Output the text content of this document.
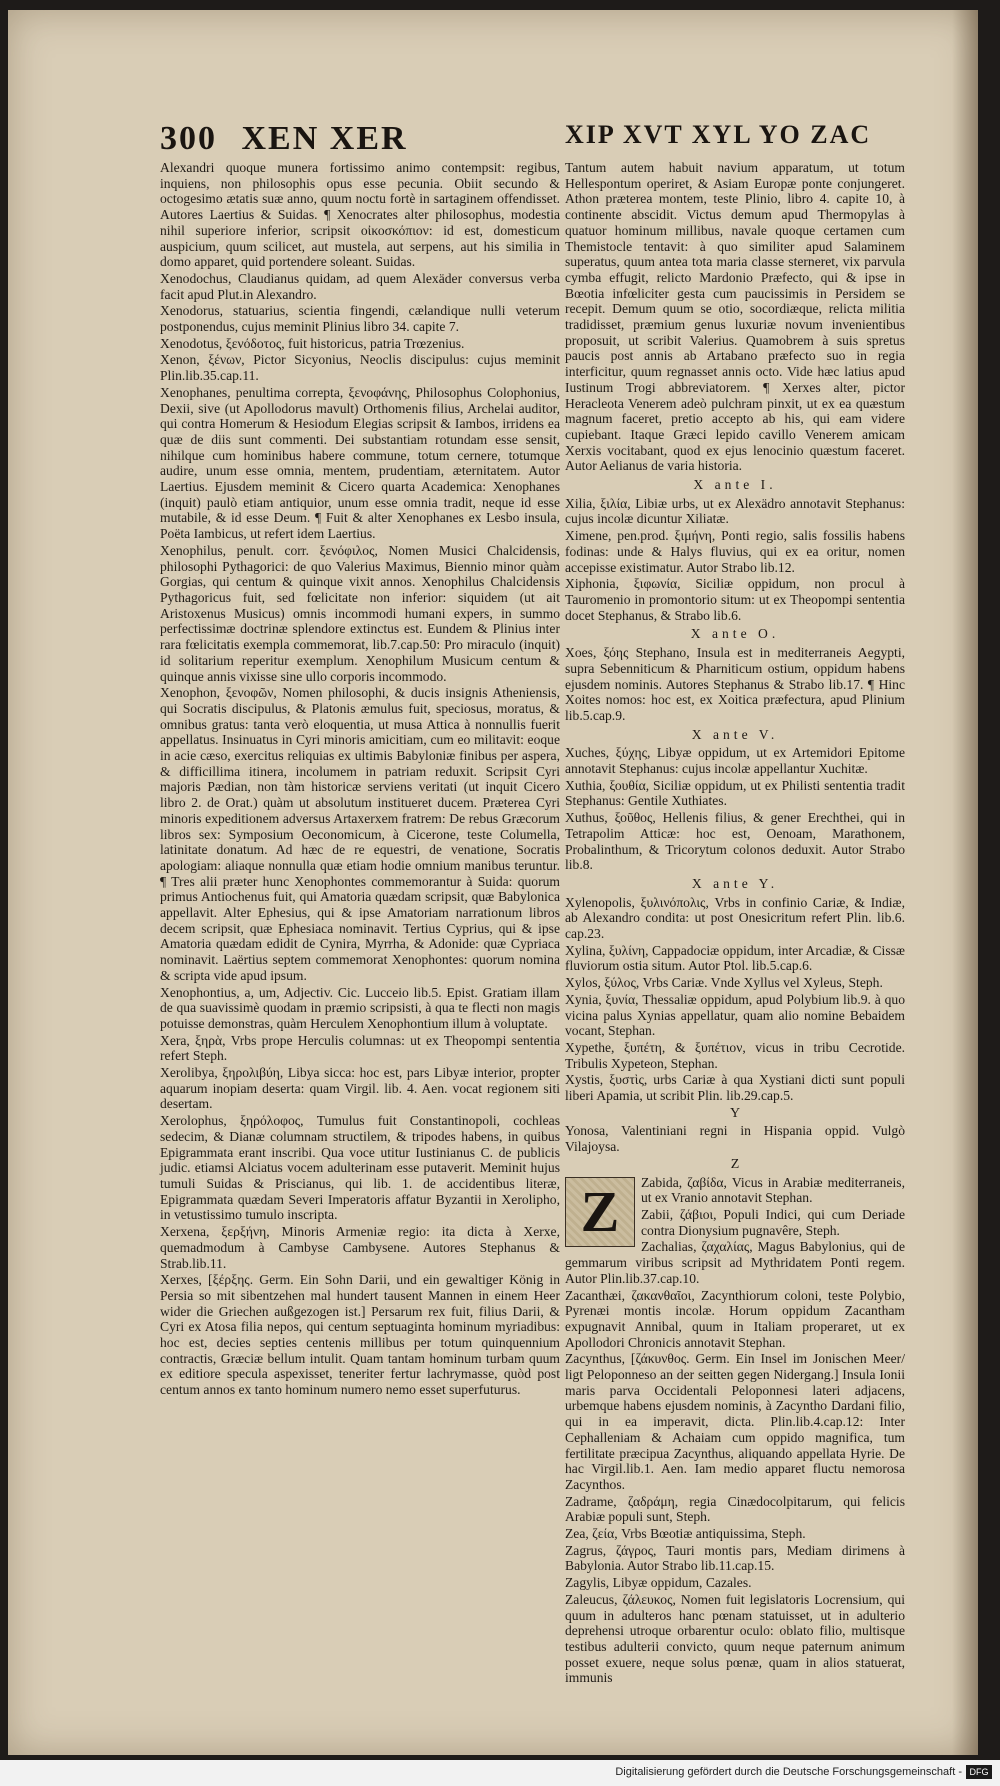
300 XEN XER	XIP XVT XYL YO ZAC

Alexandri quoque munera fortissimo animo contempsit: regibus, inquiens, non philosophis opus esse pecunia. Obiit secundo & octogesimo ætatis suæ anno, quum noctu fortè in sartaginem offendisset. Autores Laertius & Suidas. ¶ Xenocrates alter philosophus, modestia nihil superiore inferior, scripsit οἰκοσκόπιον: id est, domesticum auspicium, quum scilicet, aut mustela, aut serpens, aut his similia in domo apparet, quid portendere soleant. Suidas.

Xenodochus, Claudianus quidam, ad quem Alexäder conversus verba facit apud Plut.in Alexandro.

Xenodorus, statuarius, scientia fingendi, cælandique nulli veterum postponendus, cujus meminit Plinius libro 34. capite 7.

Xenodotus, ξενόδοτος, fuit historicus, patria Trœzenius.

Xenon, ξένων, Pictor Sicyonius, Neoclis discipulus: cujus meminit Plin.lib.35.cap.11.

Xenophanes, penultima correpta, ξενοφάνης, Philosophus Colophonius, Dexii, sive (ut Apollodorus mavult) Orthomenis filius, Archelai auditor, qui contra Homerum & Hesiodum Elegias scripsit & Iambos, irridens ea quæ de diis sunt commenti. Dei substantiam rotundam esse sensit, nihilque cum hominibus habere commune, totum cernere, totumque audire, unum esse omnia, mentem, prudentiam, æternitatem. Autor Laertius. Ejusdem meminit & Cicero quarta Academica: Xenophanes (inquit) paulò etiam antiquior, unum esse omnia tradit, neque id esse mutabile, & id esse Deum. ¶ Fuit & alter Xenophanes ex Lesbo insula, Poëta Iambicus, ut refert idem Laertius.

Xenophilus, penult. corr. ξενόφιλος, Nomen Musici Chalcidensis, philosophi Pythagorici: de quo Valerius Maximus, Biennio minor quàm Gorgias, qui centum & quinque vixit annos. Xenophilus Chalcidensis Pythagoricus fuit, sed fœlicitate non inferior: siquidem (ut ait Aristoxenus Musicus) omnis incommodi humani expers, in summo perfectissimæ doctrinæ splendore extinctus est. Eundem & Plinius inter rara fœlicitatis exempla commemorat, lib.7.cap.50: Pro miraculo (inquit) id solitarium reperitur exemplum. Xenophilum Musicum centum & quinque annis vixisse sine ullo corporis incommodo.

Xenophon, ξενοφῶν, Nomen philosophi, & ducis insignis Atheniensis, qui Socratis discipulus, & Platonis æmulus fuit, speciosus, moratus, & omnibus gratus: tanta verò eloquentia, ut musa Attica à nonnullis fuerit appellatus. Insinuatus in Cyri minoris amicitiam, cum eo militavit: eoque in acie cæso, exercitus reliquias ex ultimis Babyloniæ finibus per asperа, & difficillima itinera, incolumem in patriam reduxit. Scripsit Cyri majoris Pædian, non tàm historicæ serviens veritati (ut inquit Cicero libro 2. de Orat.) quàm ut absolutum institueret ducem. Præterea Cyri minoris expeditionem adversus Artaxerxem fratrem: De rebus Græcorum libros sex: Symposium Oeconomicum, à Cicerone, teste Columella, latinitate donatum. Ad hæc de re equestri, de venatione, Socratis apologiam: aliaque nonnulla quæ etiam hodie omnium manibus teruntur. ¶ Tres alii præter hunc Xenophontes commemorantur à Suida: quorum primus Antiochenus fuit, qui Amatoria quædam scripsit, quæ Babylonica appellavit. Alter Ephesius, qui & ipse Amatoriam narrationum libros decem scripsit, quæ Ephesiaca nominavit. Tertius Cyprius, qui & ipse Amatoria quædam edidit de Cynira, Myrrha, & Adonide: quæ Cypriaca nominavit. Laërtius septem commemorat Xenophontes: quorum nomina & scripta vide apud ipsum.

Xenophontius, a, um, Adjectiv. Cic. Lucceio lib.5. Epist. Gratiam illam de qua suavissimè quodam in præmio scripsisti, à qua te flecti non magis potuisse demonstras, quàm Herculem Xenophontium illum à voluptate.

Xera, ξηρὰ, Vrbs prope Herculis columnas: ut ex Theopompi sententia refert Steph.

Xerolibya, ξηρολιβύη, Libya sicca: hoc est, pars Libyæ interior, propter aquarum inopiam deserta: quam Virgil. lib. 4. Aen. vocat regionem siti desertam.

Xerolophus, ξηρόλοφος, Tumulus fuit Constantinopoli, cochleas sedecim, & Dianæ columnam structilem, & tripodes habens, in quibus Epigrammata erant inscribi. Qua voce utitur Iustinianus C. de publicis judic. etiamsi Alciatus vocem adulterinam esse putaverit. Meminit hujus tumuli Suidas & Priscianus, qui lib. 1. de accidentibus literæ, Epigrammata quædam Severi Imperatoris affatur Byzantii in Xerolipho, in vetustissimo tumulo inscripta.

Xerxena, ξερξήνη, Minoris Armeniæ regio: ita dicta à Xerxe, quemadmodum à Cambyse Cambysene. Autores Stephanus & Strab.lib.11.

Xerxes, [ξέρξης. Germ. Ein Sohn Darii, und ein gewaltiger König in Persia so mit sibentzehen mal hundert tausent Mannen in einem Heer wider die Griechen außgezogen ist.] Persarum rex fuit, filius Darii, & Cyri ex Atosa filia nepos, qui centum septuaginta hominum myriadibus: hoc est, decies septies centenis millibus per totum quinquennium contractis, Græciæ bellum intulit. Quam tantam hominum turbam quum ex editiore specula aspexisset, teneriter fertur lachrymasse, quòd post centum annos ex tanto hominum numero nemo esset superfuturus.

Tantum autem habuit navium apparatum, ut totum Hellespontum operiret, & Asiam Europæ ponte conjungeret. Athon præterea montem, teste Plinio, libro 4. capite 10, à continente abscidit. Victus demum apud Thermopylas à quatuor hominum millibus, navale quoque certamen cum Themistocle tentavit: à quo similiter apud Salaminem superatus, quum antea tota maria classe sterneret, vix parvula cymba effugit, relicto Mardonio Præfecto, qui & ipse in Bœotia infœliciter gesta cum paucissimis in Persidem se recepit. Demum quum se otio, socordiæque, relicta militia tradidisset, præmium genus luxuriæ novum invenientibus proposuit, ut scribit Valerius. Quamobrem à suis spretus paucis post annis ab Artabano præfecto suo in regia interficitur, quum regnasset annis octo. Vide hæc latius apud Iustinum Trogi abbreviatorem. ¶ Xerxes alter, pictor Heracleota Venerem adeò pulchram pinxit, ut ex ea quæstum magnum faceret, pretio accepto ab his, qui eam videre cupiebant. Itaque Græci lepido cavillo Venerem amicam Xerxis vocitabant, quod ex ejus lenocinio quæstum faceret. Autor Aelianus de varia historia.

X ante I.

Xilia, ξιλία, Libiæ urbs, ut ex Alexädro annotavit Stephanus: cujus incolæ dicuntur Xiliatæ.

Ximene, pen.prod. ξιμήνη, Ponti regio, salis fossilis habens fodinas: unde & Halys fluvius, qui ex ea oritur, nomen accepisse existimatur. Autor Strabo lib.12.

Xiphonia, ξιφωνία, Siciliæ oppidum, non procul à Tauromenio in promontorio situm: ut ex Theopompi sententia docet Stephanus, & Strabo lib.6.

X ante O.

Xoes, ξόης Stephano, Insula est in mediterraneis Aegypti, supra Sebenniticum & Pharniticum ostium, oppidum habens ejusdem nominis. Autores Stephanus & Strabo lib.17. ¶ Hinc Xoites nomos: hoc est, ex Xoitica præfectura, apud Plinium lib.5.cap.9.

X ante V.

Xuches, ξύχης, Libyæ oppidum, ut ex Artemidori Epitome annotavit Stephanus: cujus incolæ appellantur Xuchitæ.

Xuthia, ξουθία, Siciliæ oppidum, ut ex Philisti sententia tradit Stephanus: Gentile Xuthiates.

Xuthus, ξοῦθος, Hellenis filius, & gener Erechthei, qui in Tetrapolim Atticæ: hoc est, Oenoam, Marathonem, Probalinthum, & Tricorytum colonos deduxit. Autor Strabo lib.8.

X ante Y.

Xylenopolis, ξυλινόπολις, Vrbs in confinio Cariæ, & Indiæ, ab Alexandro condita: ut post Onesicritum refert Plin. lib.6. cap.23.

Xylina, ξυλίνη, Cappadociæ oppidum, inter Arcadiæ, & Cissæ fluviorum ostia situm. Autor Ptol. lib.5.cap.6.

Xylos, ξύλος, Vrbs Cariæ. Vnde Xyllus vel Xyleus, Steph.

Xynia, ξυνία, Thessaliæ oppidum, apud Polybium lib.9. à quo vicina palus Xynias appellatur, quam alio nomine Bebaidem vocant, Stephan.

Xypethe, ξυπέτη, & ξυπέτιον, vicus in tribu Cecrotide. Tribulis Xypeteon, Stephan.

Xystis, ξυστὶς, urbs Cariæ à qua Xystiani dicti sunt populi liberi Apamia, ut scribit Plin. lib.29.cap.5.

Y

Yonosa, Valentiniani regni in Hispania oppid. Vulgò Vilajoysa.

Z
Z	Zabida, ζαβίδα, Vicus in Arabiæ mediterraneis, ut ex Vranio annotavit Stephan.

Zabii, ζάβιοι, Populi Indici, qui cum Deriade contra Dionysium pugnavêre, Steph.

Zachalias, ζαχαλίας, Magus Babylonius, qui de gemmarum viribus scripsit ad Mythridatem Ponti regem. Autor Plin.lib.37.cap.10.

Zacanthæi, ζακανθαῖοι, Zacynthiorum coloni, teste Polybio, Pyrenæi montis incolæ. Horum oppidum Zacantham expugnavit Annibal, quum in Italiam properaret, ut ex Apollodori Chronicis annotavit Stephan.

Zacynthus, [ζάκυνθος. Germ. Ein Insel im Jonischen Meer/ ligt Peloponneso an der seitten gegen Nidergang.] Insula Ionii maris parva Occidentali Peloponnesi lateri adjacens, urbemque habens ejusdem nominis, à Zacyntho Dardani filio, qui in ea imperavit, dicta. Plin.lib.4.cap.12: Inter Cephalleniam & Achaiam cum oppido magnifica, tum fertilitate præcipua Zacynthus, aliquando appellata Hyrie. De hac Virgil.lib.1. Aen. Iam medio apparet fluctu nemorosa Zacynthos.

Zadrame, ζαδράμη, regia Cinædocolpitarum, qui felicis Arabiæ populi sunt, Steph.

Zea, ζεία, Vrbs Bœotiæ antiquissima, Steph.

Zagrus, ζάγρος, Tauri montis pars, Mediam dirimens à Babylonia. Autor Strabo lib.11.cap.15.

Zagylis, Libyæ oppidum, Cazales.

Zaleucus, ζάλευκος, Nomen fuit legislatoris Locrensium, qui quum in adulteros hanc pœnam statuisset, ut in adulterio deprehensi utroque orbarentur oculo: oblato filio, multisque testibus adulterii convicto, quum neque paternum animum posset exuere, neque solus pœnæ, quam in alios statuerat, immunis

Digitalisierung gefördert durch die Deutsche Forschungsgemeinschaft - DFG
